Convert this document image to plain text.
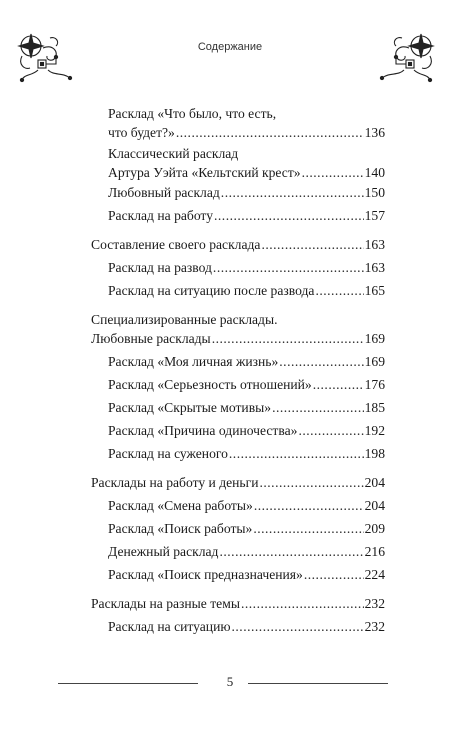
Содержание
Расклад «Что было, что есть,
что будет?» .....	136
Классический расклад
Артура Уэйта «Кельтский крест» .....	140
Любовный расклад .....	150
Расклад на работу .....	157
Составление своего расклада .....	163
Расклад на развод .....	163
Расклад на ситуацию после развода .....	165
Специализированные расклады.
Любовные расклады .....	169
Расклад «Моя личная жизнь» .....	169
Расклад «Серьезность отношений» .....	176
Расклад «Скрытые мотивы» .....	185
Расклад «Причина одиночества» .....	192
Расклад на суженого .....	198
Расклады на работу и деньги .....	204
Расклад «Смена работы» .....	204
Расклад «Поиск работы» .....	209
Денежный расклад .....	216
Расклад «Поиск предназначения» .....	224
Расклады на разные темы .....	232
Расклад на ситуацию .....	232
5
